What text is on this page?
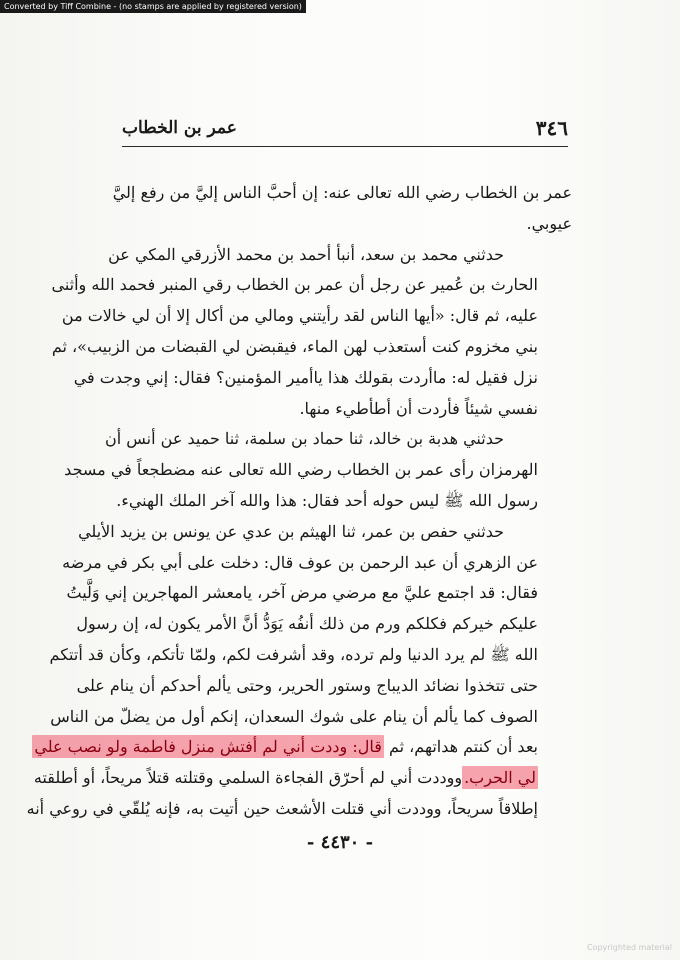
Converted by Tiff Combine - (no stamps are applied by registered version)
٣٤٦
عمر بن الخطاب

عمر بن الخطاب رضي الله تعالى عنه: إن أحبَّ الناس إليَّ من رفع إليَّ
عيوبي.

حدثني محمد بن سعد، أنبأ أحمد بن محمد الأزرقي المكي عن
الحارث بن عُمير عن رجل أن عمر بن الخطاب رقي المنبر فحمد الله وأثنى
عليه، ثم قال: «أيها الناس لقد رأيتني ومالي من أكال إلا أن لي خالات من
بني مخزوم كنت أستعذب لهن الماء، فيقبضن لي القبضات من الزبيب»، ثم
نزل فقيل له: ماأردت بقولك هذا ياأمير المؤمنين؟ فقال: إني وجدت في
نفسي شيئاً فأردت أن أطأطيء منها.

حدثني هدبة بن خالد، ثنا حماد بن سلمة، ثنا حميد عن أنس أن
الهرمزان رأى عمر بن الخطاب رضي الله تعالى عنه مضطجعاً في مسجد
رسول الله ﷺ ليس حوله أحد فقال: هذا والله آخر الملك الهنيء.

حدثني حفص بن عمر، ثنا الهيثم بن عدي عن يونس بن يزيد الأيلي
عن الزهري أن عبد الرحمن بن عوف قال: دخلت على أبي بكر في مرضه
فقال: قد اجتمع عليَّ مع مرضي مرض آخر، يامعشر المهاجرين إني وَلَّيتُ
عليكم خيركم فكلكم ورم من ذلك أنفُه يَوَدُّ أنَّ الأمر يكون له، إن رسول
الله ﷺ لم يرد الدنيا ولم ترده، وقد أشرفت لكم، ولمّا تأتكم، وكأن قد أتتكم
حتى تتخذوا نضائد الديباج وستور الحرير، وحتى يألم أحدكم أن ينام على
الصوف كما يألم أن ينام على شوك السعدان، إنكم أول من يضلّ من الناس
بعد أن كنتم هداتهم، ثم قال: وددت أني لم أفتش منزل فاطمة ولو نصب علي
لي الحرب.ووددت أني لم أحرّق الفجاءة السلمي وقتلته قتلاً مريحاً، أو أطلقته
إطلاقاً سريحاً، ووددت أني قتلت الأشعث حين أتيت به، فإنه يُلقّي في روعي أنه

- ٤٤٣٠ -
Copyrighted material
